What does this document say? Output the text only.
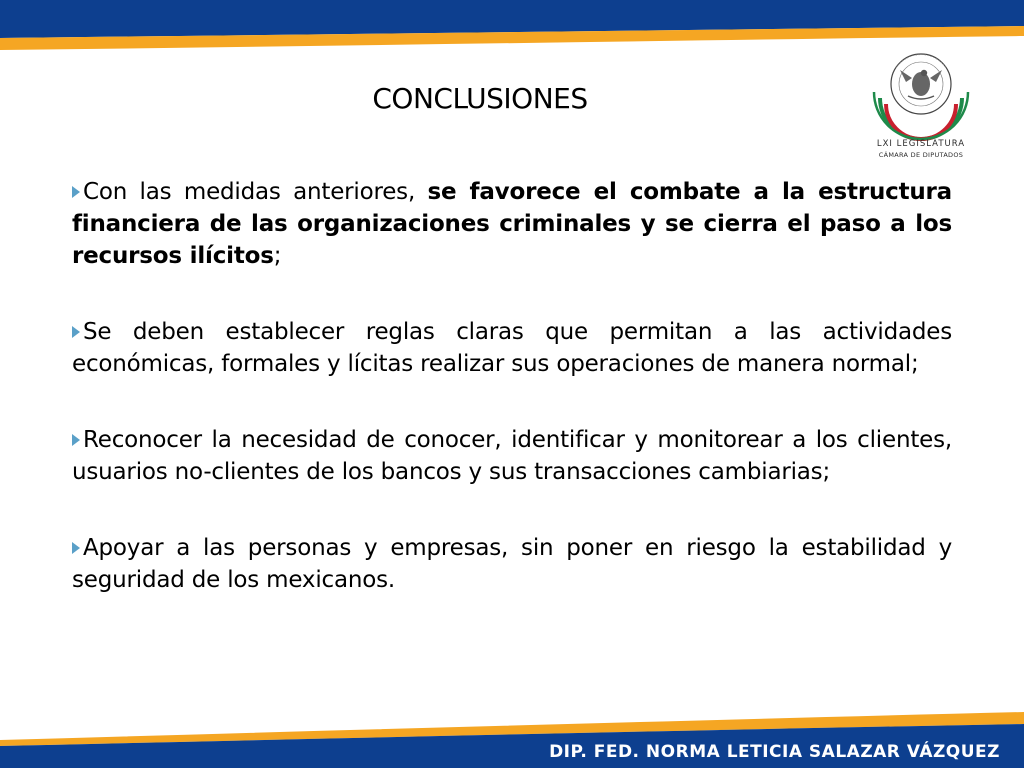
CONCLUSIONES
LXI LEGISLATURA
CÁMARA DE DIPUTADOS

Con las medidas anteriores, se favorece el combate a la estructura financiera de las organizaciones criminales y se cierra el paso a los recursos ilícitos;

Se deben establecer reglas claras que permitan a las actividades económicas, formales y lícitas realizar sus operaciones de manera normal;

Reconocer la necesidad de conocer, identificar y monitorear a los clientes, usuarios no-clientes de los bancos y sus transacciones cambiarias;

Apoyar a las personas y empresas, sin poner en riesgo la estabilidad y seguridad de los mexicanos.

DIP. FED. NORMA LETICIA SALAZAR VÁZQUEZ
